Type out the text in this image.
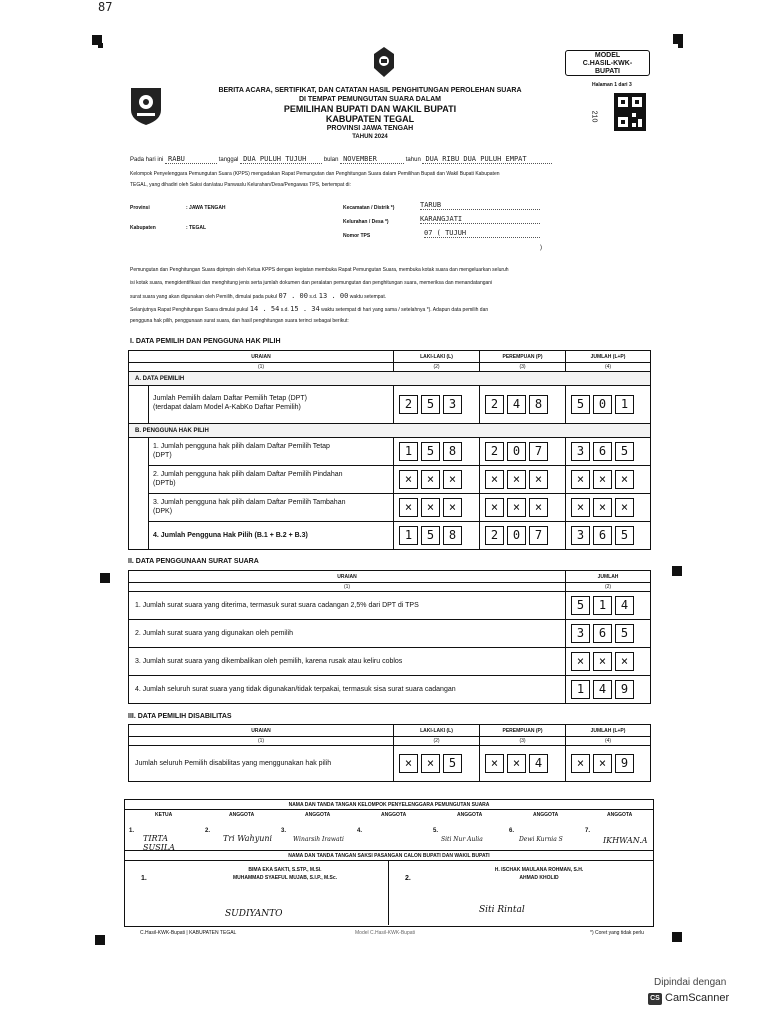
87
MODEL
C.HASIL-KWK-
BUPATI
Halaman 1 dari 3
210
BERITA ACARA, SERTIFIKAT, DAN CATATAN HASIL PENGHITUNGAN PEROLEHAN SUARA
DI TEMPAT PEMUNGUTAN SUARA DALAM
PEMILIHAN BUPATI DAN WAKIL BUPATI
KABUPATEN TEGAL
PROVINSI JAWA TENGAH
TAHUN 2024
Pada hari ini RABU	tanggal DUA PULUH TUJUH	bulan NOVEMBER	tahun DUA RIBU DUA PULUH EMPAT
Kelompok Penyelenggara Pemungutan Suara (KPPS) mengadakan Rapat Pemungutan dan Penghitungan Suara dalam Pemilihan Bupati dan Wakil Bupati Kabupaten
TEGAL, yang dihadiri oleh Saksi dan/atau Panwaslu Kelurahan/Desa/Pengawas TPS, bertempat di:
Provinsi	: JAWA TENGAH
Kabupaten	: TEGAL
Kecamatan / Distrik *)	TARUB
Kelurahan / Desa *)	KARANGJATI
Nomor TPS	07 ( TUJUH
)
Pemungutan dan Penghitungan Suara dipimpin oleh Ketua KPPS dengan kegiatan membuka Rapat Pemungutan Suara, membuka kotak suara dan mengeluarkan seluruh
isi kotak suara, mengidentifikasi dan menghitung jenis serta jumlah dokumen dan peralatan pemungutan dan penghitungan suara, memeriksa dan menandatangani
surat suara yang akan digunakan oleh Pemilih, dimulai pada pukul 07 . 00 s.d. 13 . 00 waktu setempat.
Selanjutnya Rapat Penghitungan Suara dimulai pukul 14 . 54 s.d. 15 . 34 waktu setempat di hari yang sama / setelahnya *). Adapun data pemilih dan
pengguna hak pilih, penggunaan surat suara, dan hasil penghitungan suara terinci sebagai berikut:
I. DATA PEMILIH DAN PENGGUNA HAK PILIH
URAIAN	LAKI-LAKI (L)	PEREMPUAN (P)	JUMLAH (L+P)
(1)	(2)	(3)	(4)
A. DATA PEMILIH
Jumlah Pemilih dalam Daftar Pemilih Tetap (DPT)
(terdapat dalam Model A-KabKo Daftar Pemilih)	2 5 3	2 4 8	5 0 1
B. PENGGUNA HAK PILIH
1. Jumlah pengguna hak pilih dalam Daftar Pemilih Tetap
(DPT)	1 5 8	2 0 7	3 6 5
2. Jumlah pengguna hak pilih dalam Daftar Pemilih Pindahan
(DPTb)	× × ×	× × ×	× × ×
3. Jumlah pengguna hak pilih dalam Daftar Pemilih Tambahan
(DPK)	× × ×	× × ×	× × ×
4. Jumlah Pengguna Hak Pilih (B.1 + B.2 + B.3)	1 5 8	2 0 7	3 6 5
II. DATA PENGGUNAAN SURAT SUARA
URAIAN	JUMLAH
(1)	(2)
1. Jumlah surat suara yang diterima, termasuk surat suara cadangan 2,5% dari DPT di TPS	5 1 4
2. Jumlah surat suara yang digunakan oleh pemilih	3 6 5
3. Jumlah surat suara yang dikembalikan oleh pemilih, karena rusak atau keliru coblos	× × ×
4. Jumlah seluruh surat suara yang tidak digunakan/tidak terpakai, termasuk sisa surat suara cadangan	1 4 9
III. DATA PEMILIH DISABILITAS
URAIAN	LAKI-LAKI (L)	PEREMPUAN (P)	JUMLAH (L+P)
(1)	(2)	(3)	(4)
Jumlah seluruh Pemilih disabilitas yang menggunakan hak pilih	× × 5	× × 4	× × 9
NAMA DAN TANDA TANGAN KELOMPOK PENYELENGGARA PEMUNGUTAN SUARA
1.
KETUA
TIRTA SUSILA
2.
ANGGOTA
Tri Wahyuni
3.
ANGGOTA
Winarsih Irawati
4.
ANGGOTA
5.
ANGGOTA
Siti Nur Aulia
6.
ANGGOTA
Dewi Kurnia S
7.
ANGGOTA
IKHWAN.A
NAMA DAN TANDA TANGAN SAKSI PASANGAN CALON BUPATI DAN WAKIL BUPATI
1.
BIMA EKA SAKTI, S.STP., M.SI.
MUHAMMAD SYAEFUL MUJAB, S.I.P., M.Sc.
SUDIYANTO
2.
H. ISCHAK MAULANA ROHMAN, S.H.
AHMAD KHOLID
Siti Rintal
C.Hasil-KWK-Bupati | KABUPATEN TEGAL	Model C.Hasil-KWK-Bupati	*) Coret yang tidak perlu
Dipindai dengan
CS CamScanner
